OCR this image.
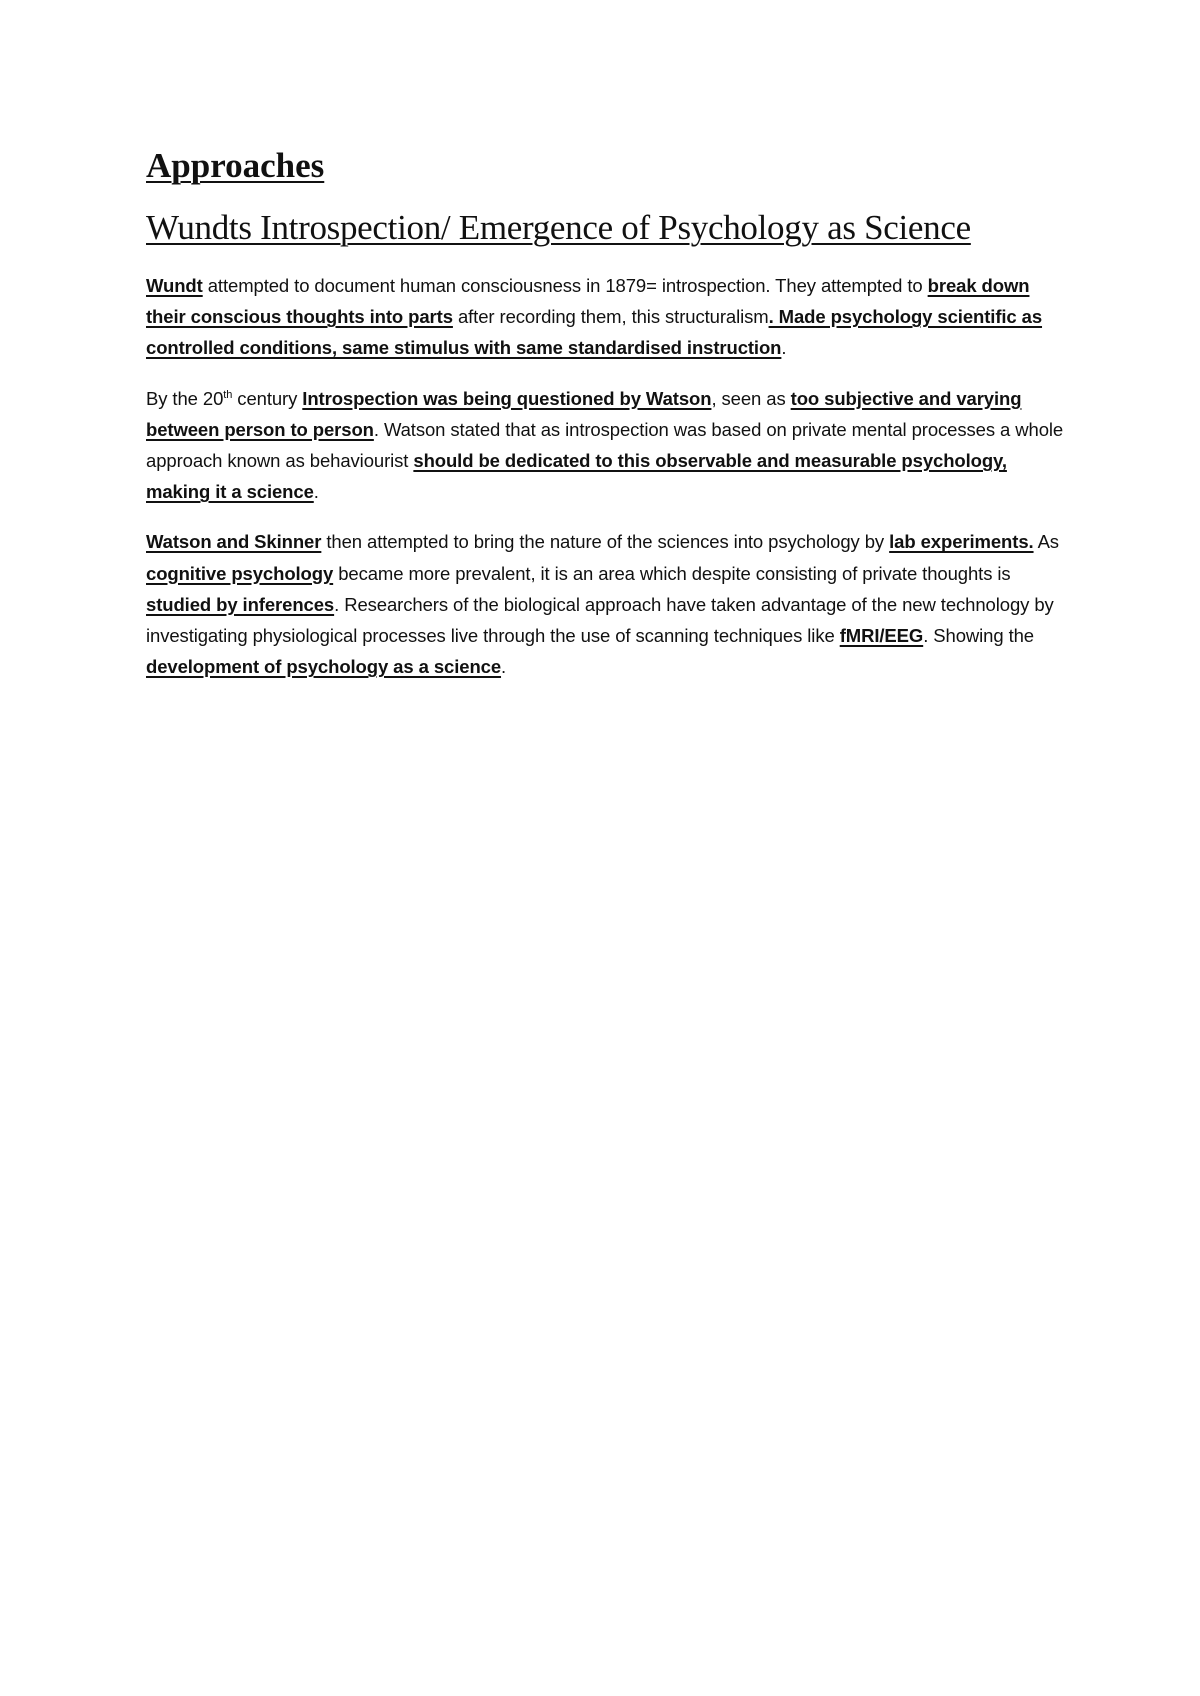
Approaches
Wundts Introspection/ Emergence of Psychology as Science

Wundt attempted to document human consciousness in 1879= introspection. They attempted to break down their conscious thoughts into parts after recording them, this structuralism. Made psychology scientific as controlled conditions, same stimulus with same standardised instruction.

By the 20th century Introspection was being questioned by Watson, seen as too subjective and varying between person to person. Watson stated that as introspection was based on private mental processes a whole approach known as behaviourist should be dedicated to this observable and measurable psychology, making it a science.

Watson and Skinner then attempted to bring the nature of the sciences into psychology by lab experiments. As cognitive psychology became more prevalent, it is an area which despite consisting of private thoughts is studied by inferences. Researchers of the biological approach have taken advantage of the new technology by investigating physiological processes live through the use of scanning techniques like fMRI/EEG. Showing the development of psychology as a science.
